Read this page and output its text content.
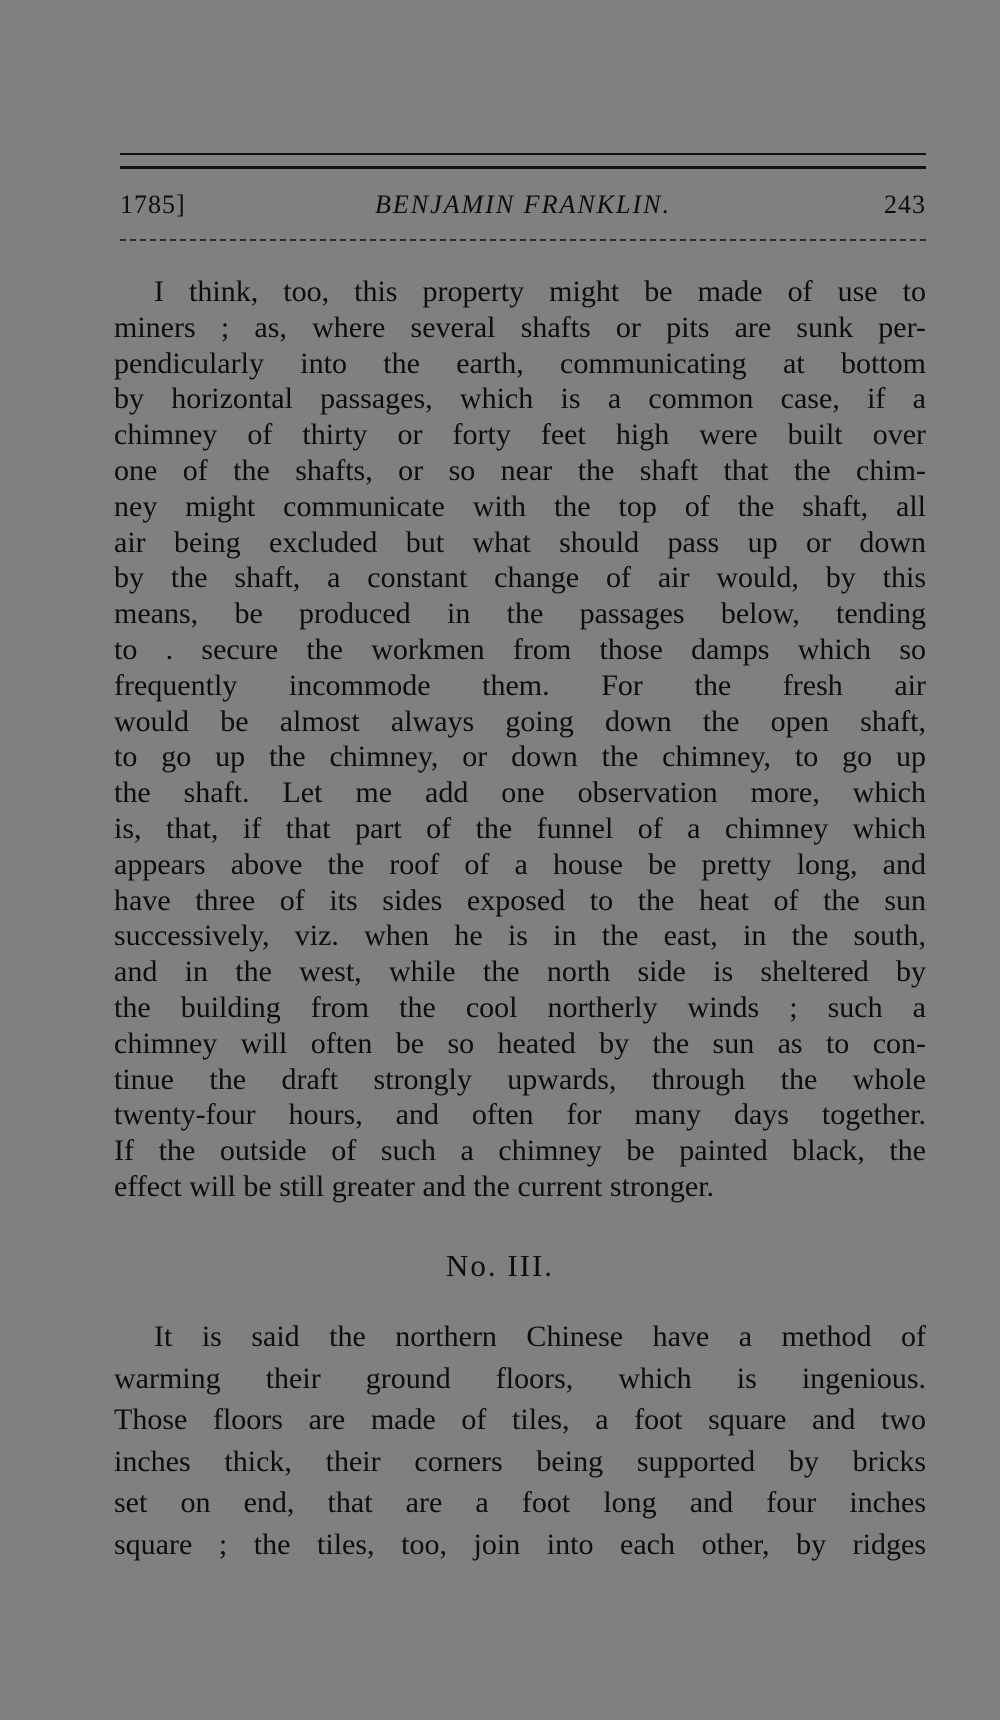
1785]	BENJAMIN FRANKLIN.	243
I think, too, this property might be made of use to
miners ; as, where several shafts or pits are sunk per-
pendicularly into the earth, communicating at bottom
by horizontal passages, which is a common case, if a
chimney of thirty or forty feet high were built over
one of the shafts, or so near the shaft that the chim-
ney might communicate with the top of the shaft, all
air being excluded but what should pass up or down
by the shaft, a constant change of air would, by this
means, be produced in the passages below, tending
to . secure the workmen from those damps which so
frequently incommode them. For the fresh air
would be almost always going down the open shaft,
to go up the chimney, or down the chimney, to go up
the shaft. Let me add one observation more, which
is, that, if that part of the funnel of a chimney which
appears above the roof of a house be pretty long, and
have three of its sides exposed to the heat of the sun
successively, viz. when he is in the east, in the south,
and in the west, while the north side is sheltered by
the building from the cool northerly winds ; such a
chimney will often be so heated by the sun as to con-
tinue the draft strongly upwards, through the whole
twenty-four hours, and often for many days together.
If the outside of such a chimney be painted black, the
effect will be still greater and the current stronger.
No. III.
It is said the northern Chinese have a method of
warming their ground floors, which is ingenious.
Those floors are made of tiles, a foot square and two
inches thick, their corners being supported by bricks
set on end, that are a foot long and four inches
square ; the tiles, too, join into each other, by ridges
